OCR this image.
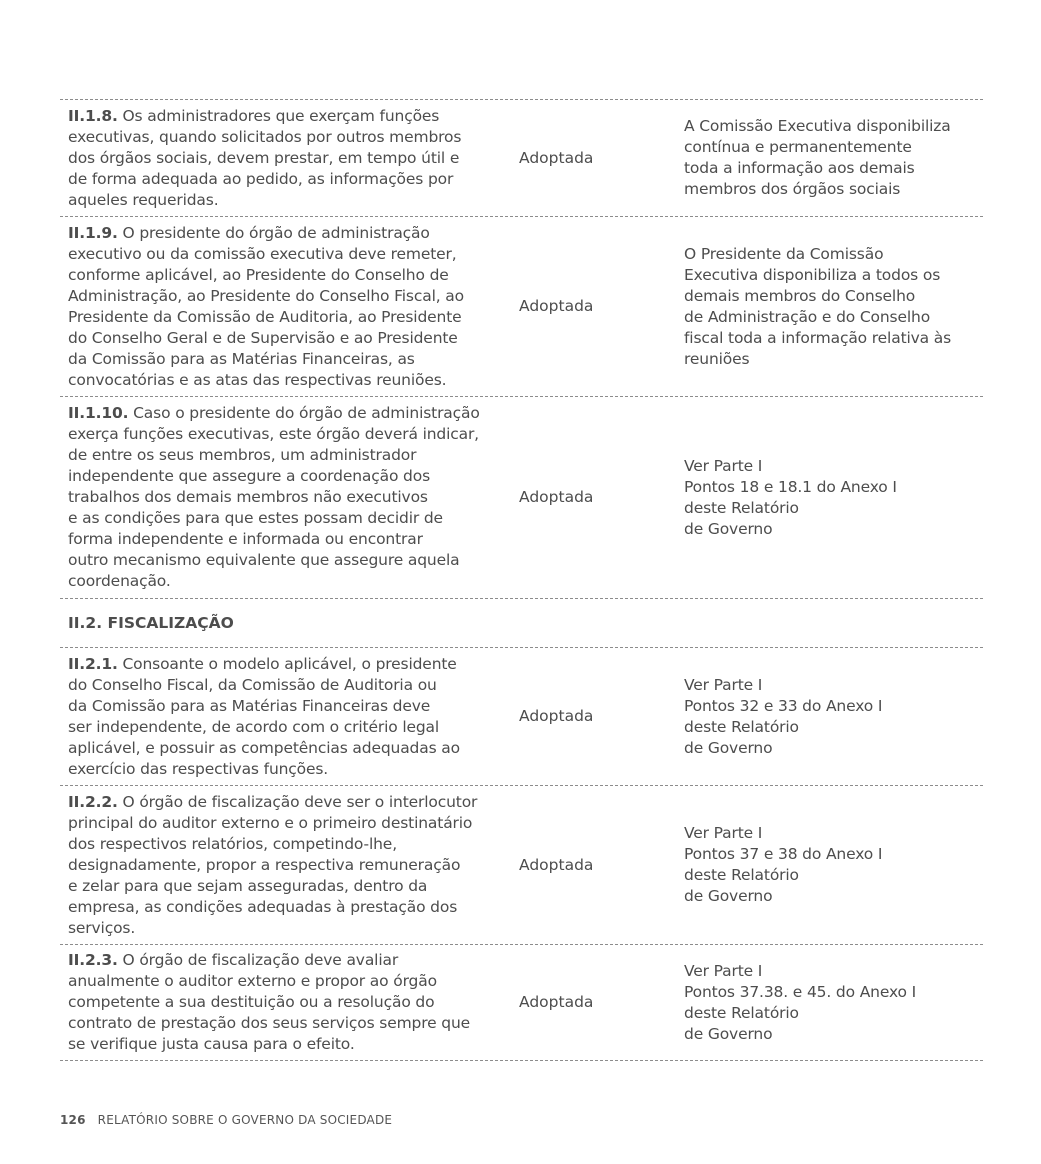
II.1.8. Os administradores que exerçam funções
executivas, quando solicitados por outros membros
dos órgãos sociais, devem prestar, em tempo útil e
de forma adequada ao pedido, as informações por
aqueles requeridas.
Adoptada
A Comissão Executiva disponibiliza
contínua e permanentemente
toda a informação aos demais
membros dos órgãos sociais
II.1.9. O presidente do órgão de administração
executivo ou da comissão executiva deve remeter,
conforme aplicável, ao Presidente do Conselho de
Administração, ao Presidente do Conselho Fiscal, ao
Presidente da Comissão de Auditoria, ao Presidente
do Conselho Geral e de Supervisão e ao Presidente
da Comissão para as Matérias Financeiras, as
convocatórias e as atas das respectivas reuniões.
Adoptada
O Presidente da Comissão
Executiva disponibiliza a todos os
demais membros do Conselho
de Administração e do Conselho
fiscal toda a informação relativa às
reuniões
II.1.10. Caso o presidente do órgão de administração
exerça funções executivas, este órgão deverá indicar,
de entre os seus membros, um administrador
independente que assegure a coordenação dos
trabalhos dos demais membros não executivos
e as condições para que estes possam decidir de
forma independente e informada ou encontrar
outro mecanismo equivalente que assegure aquela
coordenação.
Adoptada
Ver Parte I
Pontos 18 e 18.1 do Anexo I
deste Relatório
de Governo
II.2. FISCALIZAÇÃO
II.2.1. Consoante o modelo aplicável, o presidente
do Conselho Fiscal, da Comissão de Auditoria ou
da Comissão para as Matérias Financeiras deve
ser independente, de acordo com o critério legal
aplicável, e possuir as competências adequadas ao
exercício das respectivas funções.
Adoptada
Ver Parte I
Pontos 32 e 33 do Anexo I
deste Relatório
de Governo
II.2.2. O órgão de fiscalização deve ser o interlocutor
principal do auditor externo e o primeiro destinatário
dos respectivos relatórios, competindo-lhe,
designadamente, propor a respectiva remuneração
e zelar para que sejam asseguradas, dentro da
empresa, as condições adequadas à prestação dos
serviços.
Adoptada
Ver Parte I
Pontos 37 e 38 do Anexo I
deste Relatório
de Governo
II.2.3. O órgão de fiscalização deve avaliar
anualmente o auditor externo e propor ao órgão
competente a sua destituição ou a resolução do
contrato de prestação dos seus serviços sempre que
se verifique justa causa para o efeito.
Adoptada
Ver Parte I
Pontos 37.38. e 45. do Anexo I
deste Relatório
de Governo
126 RELATÓRIO SOBRE O GOVERNO DA SOCIEDADE
